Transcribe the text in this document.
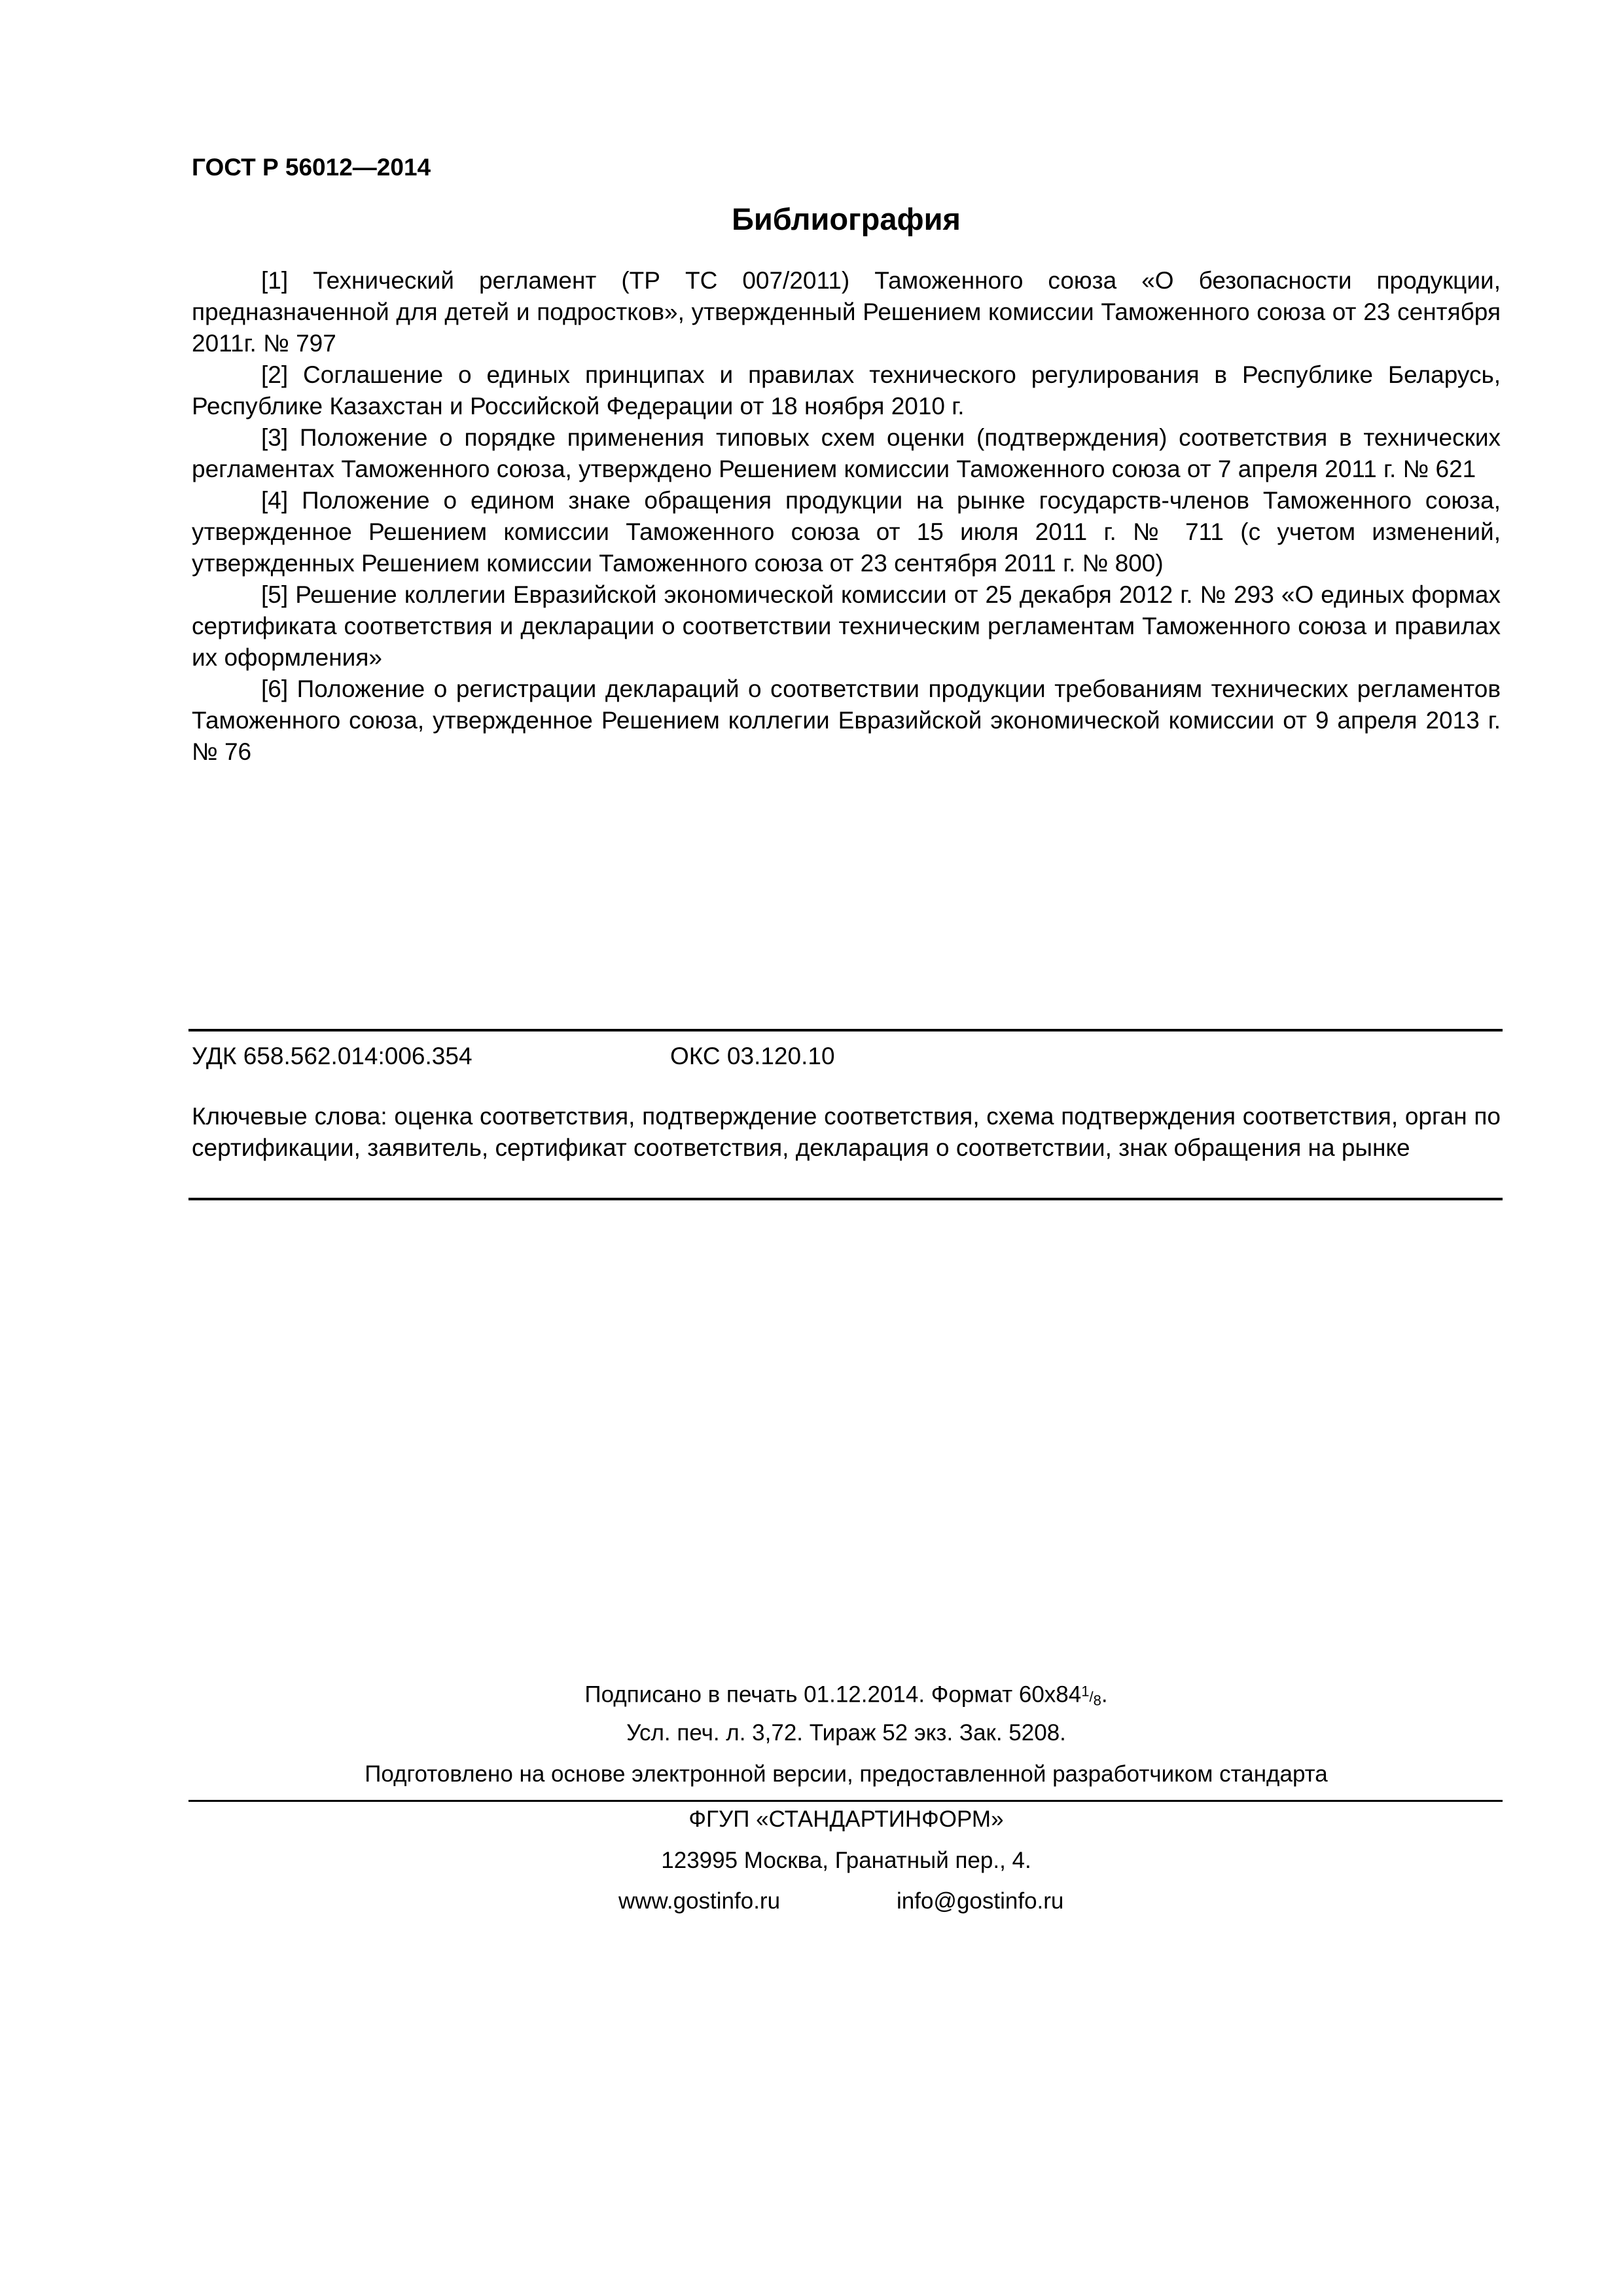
ГОСТ Р 56012—2014

Библиография

[1] Технический регламент (ТР ТС 007/2011) Таможенного союза «О безопасности продукции, предназначенной для детей и подростков», утвержденный Решением комиссии Таможенного союза от 23 сентября 2011г. № 797

[2] Соглашение о единых принципах и правилах технического регулирования в Республике Беларусь, Республике Казахстан и Российской Федерации от 18 ноября 2010 г.

[3] Положение о порядке применения типовых схем оценки (подтверждения) соответствия в технических регламентах Таможенного союза, утверждено Решением комиссии Таможенного союза от 7 апреля 2011 г. № 621

[4] Положение о едином знаке обращения продукции на рынке государств-членов Таможенного союза, утвержденное Решением комиссии Таможенного союза от 15 июля 2011 г. № 711 (с учетом изменений, утвержденных Решением комиссии Таможенного союза от 23 сентября 2011 г. № 800)

[5] Решение коллегии Евразийской экономической комиссии от 25 декабря 2012 г. № 293 «О единых формах сертификата соответствия и декларации о соответствии техническим регламентам Таможенного союза и правилах их оформления»

[6] Положение о регистрации деклараций о соответствии продукции требованиям технических регламентов Таможенного союза, утвержденное Решением коллегии Евразийской экономической комиссии от 9 апреля 2013 г. № 76

УДК 658.562.014:006.354	ОКС 03.120.10

Ключевые слова: оценка соответствия, подтверждение соответствия, схема подтверждения соответствия, орган по сертификации, заявитель, сертификат соответствия, декларация о соответствии, знак обращения на рынке

Подписано в печать 01.12.2014. Формат 60х841/8.

Усл. печ. л. 3,72. Тираж 52 экз. Зак. 5208.

Подготовлено на основе электронной версии, предоставленной разработчиком стандарта

ФГУП «СТАНДАРТИНФОРМ»

123995 Москва, Гранатный пер., 4.

www.gostinfo.ru	info@gostinfo.ru
